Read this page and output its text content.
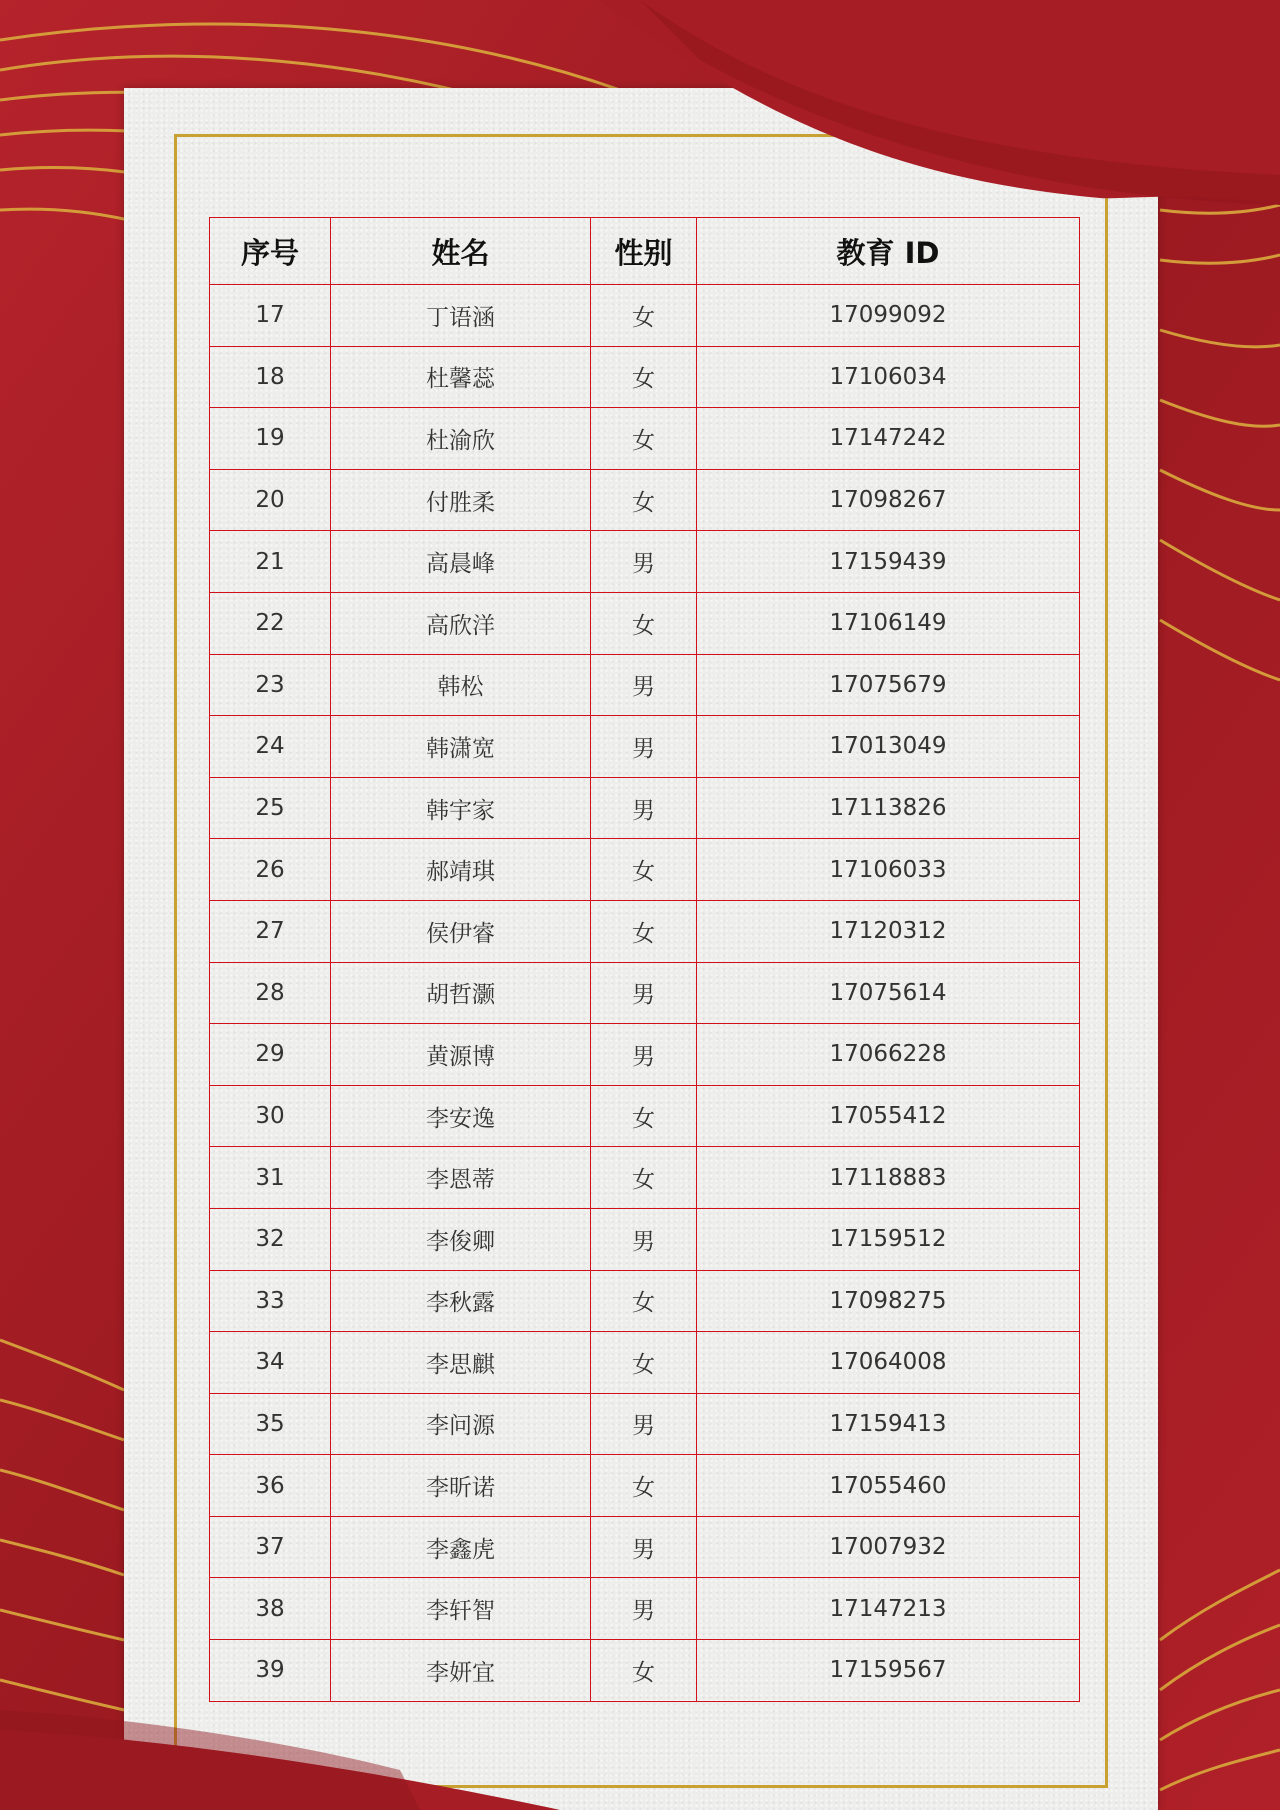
序号	姓名	性别	教育 ID
17	丁语涵	女	17099092
18	杜馨蕊	女	17106034
19	杜渝欣	女	17147242
20	付胜柔	女	17098267
21	高晨峰	男	17159439
22	高欣洋	女	17106149
23	韩松	男	17075679
24	韩潇宽	男	17013049
25	韩宇家	男	17113826
26	郝靖琪	女	17106033
27	侯伊睿	女	17120312
28	胡哲灏	男	17075614
29	黄源博	男	17066228
30	李安逸	女	17055412
31	李恩蒂	女	17118883
32	李俊卿	男	17159512
33	李秋露	女	17098275
34	李思麒	女	17064008
35	李问源	男	17159413
36	李昕诺	女	17055460
37	李鑫虎	男	17007932
38	李轩智	男	17147213
39	李妍宜	女	17159567
